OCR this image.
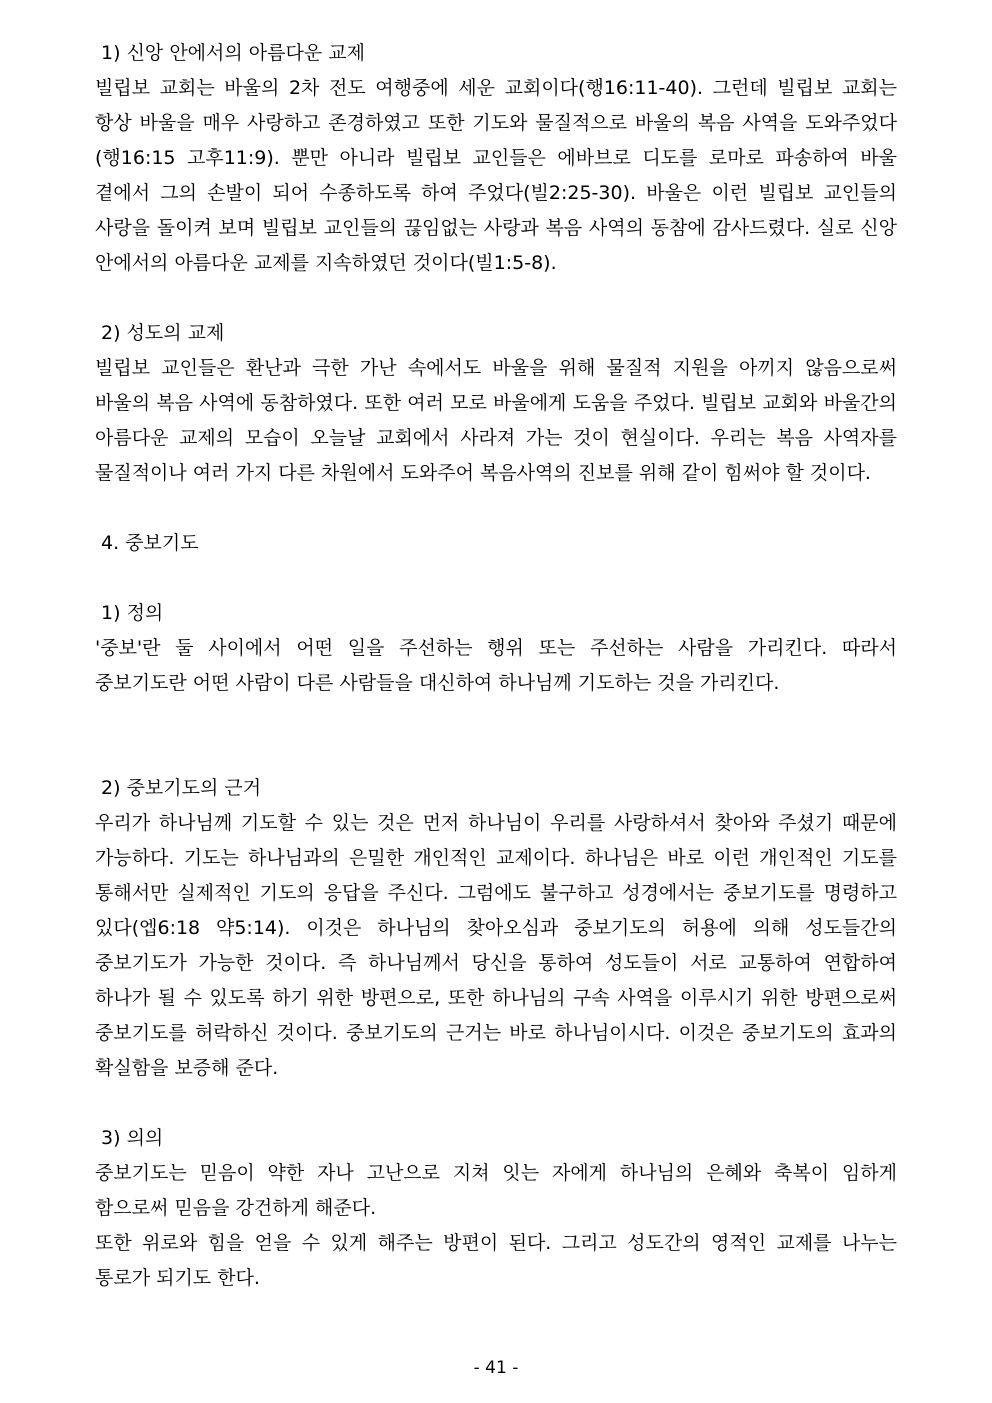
1) 신앙 안에서의 아름다운 교제

빌립보 교회는 바울의 2차 전도 여행중에 세운 교회이다(행16:11-40). 그런데 빌립보 교회는 항상 바울을 매우 사랑하고 존경하였고 또한 기도와 물질적으로 바울의 복음 사역을 도와주었다(행16:15 고후11:9). 뿐만 아니라 빌립보 교인들은 에바브로 디도를 로마로 파송하여 바울 곁에서 그의 손발이 되어 수종하도록 하여 주었다(빌2:25-30). 바울은 이런 빌립보 교인들의 사랑을 돌이켜 보며 빌립보 교인들의 끊임없는 사랑과 복음 사역의 동참에 감사드렸다. 실로 신앙 안에서의 아름다운 교제를 지속하였던 것이다(빌1:5-8).

2) 성도의 교제

빌립보 교인들은 환난과 극한 가난 속에서도 바울을 위해 물질적 지원을 아끼지 않음으로써 바울의 복음 사역에 동참하였다. 또한 여러 모로 바울에게 도움을 주었다. 빌립보 교회와 바울간의 아름다운 교제의 모습이 오늘날 교회에서 사라져 가는 것이 현실이다. 우리는 복음 사역자를 물질적이나 여러 가지 다른 차원에서 도와주어 복음사역의 진보를 위해 같이 힘써야 할 것이다.

4. 중보기도

1) 정의

'중보'란 둘 사이에서 어떤 일을 주선하는 행위 또는 주선하는 사람을 가리킨다. 따라서 중보기도란 어떤 사람이 다른 사람들을 대신하여 하나님께 기도하는 것을 가리킨다.

2) 중보기도의 근거

우리가 하나님께 기도할 수 있는 것은 먼저 하나님이 우리를 사랑하셔서 찾아와 주셨기 때문에 가능하다. 기도는 하나님과의 은밀한 개인적인 교제이다. 하나님은 바로 이런 개인적인 기도를 통해서만 실제적인 기도의 응답을 주신다. 그럼에도 불구하고 성경에서는 중보기도를 명령하고 있다(엡6:18 약5:14). 이것은 하나님의 찾아오심과 중보기도의 허용에 의해 성도들간의 중보기도가 가능한 것이다. 즉 하나님께서 당신을 통하여 성도들이 서로 교통하여 연합하여 하나가 될 수 있도록 하기 위한 방편으로, 또한 하나님의 구속 사역을 이루시기 위한 방편으로써 중보기도를 허락하신 것이다. 중보기도의 근거는 바로 하나님이시다. 이것은 중보기도의 효과의 확실함을 보증해 준다.

3) 의의

중보기도는 믿음이 약한 자나 고난으로 지쳐 잇는 자에게 하나님의 은혜와 축복이 임하게 함으로써 믿음을 강건하게 해준다.

또한 위로와 힘을 얻을 수 있게 해주는 방편이 된다. 그리고 성도간의 영적인 교제를 나누는 통로가 되기도 한다.

- 41 -
